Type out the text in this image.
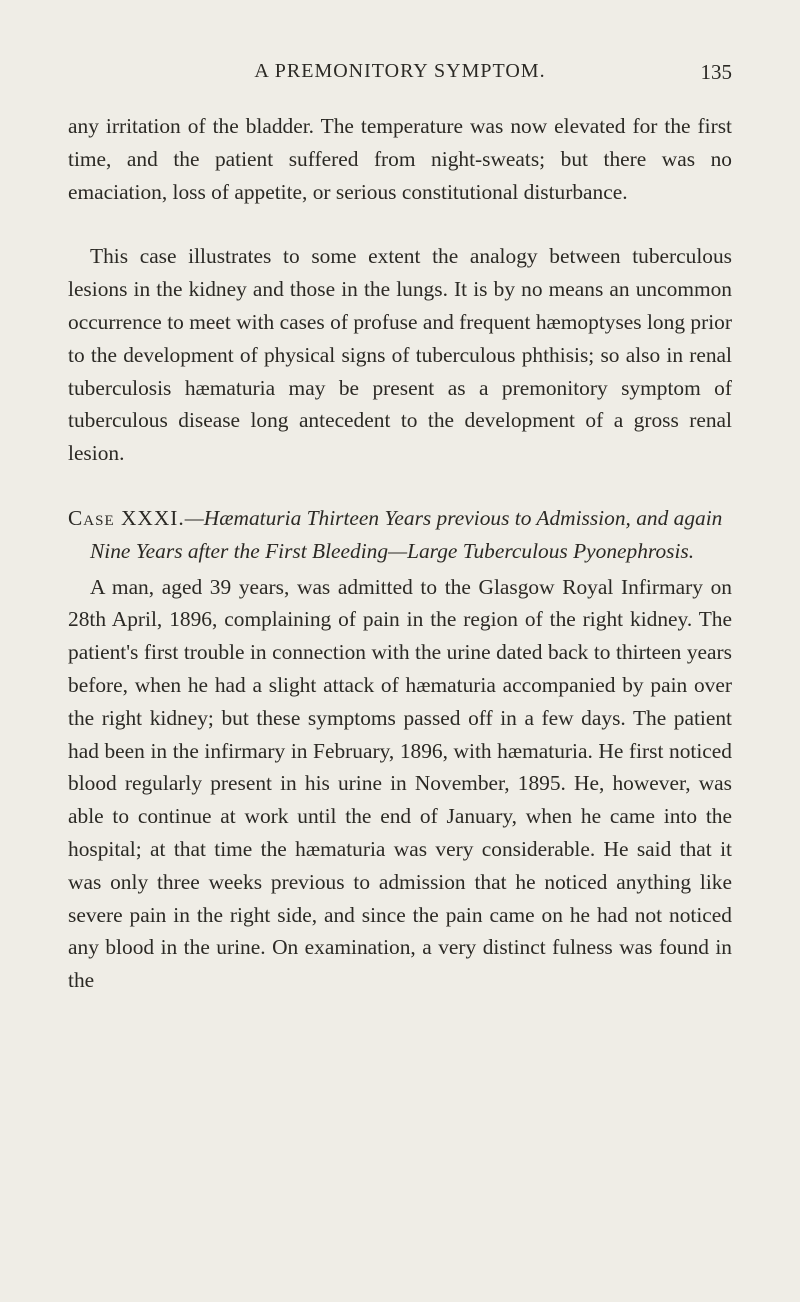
A PREMONITORY SYMPTOM.	135

any irritation of the bladder. The temperature was now elevated for the first time, and the patient suffered from night-sweats; but there was no emaciation, loss of appetite, or serious constitutional disturbance.

This case illustrates to some extent the analogy between tuberculous lesions in the kidney and those in the lungs. It is by no means an uncommon occurrence to meet with cases of profuse and frequent hæmoptyses long prior to the development of physical signs of tuberculous phthisis; so also in renal tuberculosis hæmaturia may be present as a premonitory symptom of tuberculous disease long antecedent to the development of a gross renal lesion.

Case XXXI.—Hæmaturia Thirteen Years previous to Admission, and again Nine Years after the First Bleeding—Large Tuberculous Pyonephrosis.

A man, aged 39 years, was admitted to the Glasgow Royal Infirmary on 28th April, 1896, complaining of pain in the region of the right kidney. The patient's first trouble in connection with the urine dated back to thirteen years before, when he had a slight attack of hæmaturia accompanied by pain over the right kidney; but these symptoms passed off in a few days. The patient had been in the infirmary in February, 1896, with hæmaturia. He first noticed blood regularly present in his urine in November, 1895. He, however, was able to continue at work until the end of January, when he came into the hospital; at that time the hæmaturia was very considerable. He said that it was only three weeks previous to admission that he noticed anything like severe pain in the right side, and since the pain came on he had not noticed any blood in the urine. On examination, a very distinct fulness was found in the
